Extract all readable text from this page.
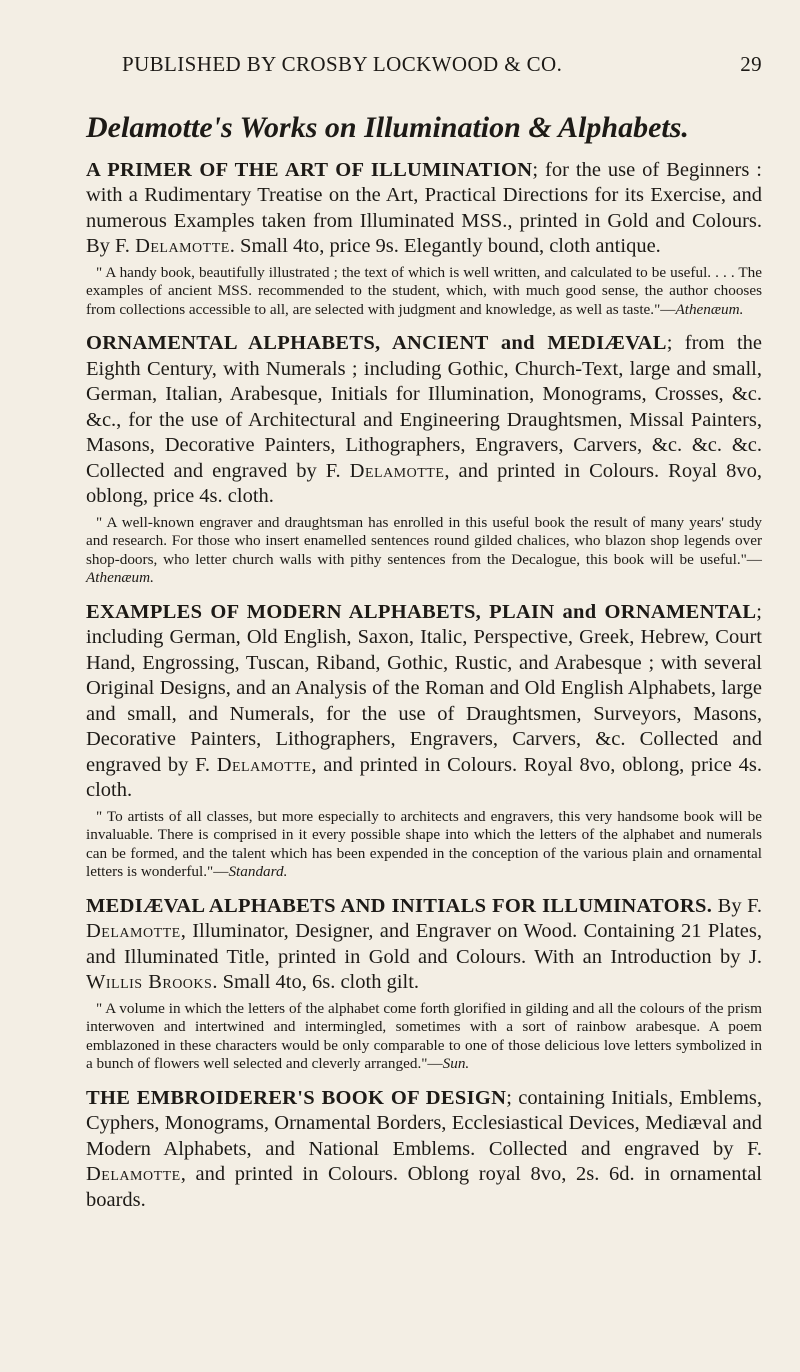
PUBLISHED BY CROSBY LOCKWOOD & CO.	29
Delamotte's Works on Illumination & Alphabets.

A PRIMER OF THE ART OF ILLUMINATION; for the use of Beginners : with a Rudimentary Treatise on the Art, Practical Directions for its Exercise, and numerous Examples taken from Illuminated MSS., printed in Gold and Colours. By F. Delamotte. Small 4to, price 9s. Elegantly bound, cloth antique.

" A handy book, beautifully illustrated ; the text of which is well written, and calculated to be useful. . . . The examples of ancient MSS. recommended to the student, which, with much good sense, the author chooses from collections accessible to all, are selected with judgment and knowledge, as well as taste."—Athenæum.

ORNAMENTAL ALPHABETS, ANCIENT and MEDIÆVAL; from the Eighth Century, with Numerals ; including Gothic, Church-Text, large and small, German, Italian, Arabesque, Initials for Illumination, Monograms, Crosses, &c. &c., for the use of Architectural and Engineering Draughtsmen, Missal Painters, Masons, Decorative Painters, Lithographers, Engravers, Carvers, &c. &c. &c. Collected and engraved by F. Delamotte, and printed in Colours. Royal 8vo, oblong, price 4s. cloth.

" A well-known engraver and draughtsman has enrolled in this useful book the result of many years' study and research. For those who insert enamelled sentences round gilded chalices, who blazon shop legends over shop-doors, who letter church walls with pithy sentences from the Decalogue, this book will be useful."—Athenæum.

EXAMPLES OF MODERN ALPHABETS, PLAIN and ORNAMENTAL; including German, Old English, Saxon, Italic, Perspective, Greek, Hebrew, Court Hand, Engrossing, Tuscan, Riband, Gothic, Rustic, and Arabesque ; with several Original Designs, and an Analysis of the Roman and Old English Alphabets, large and small, and Numerals, for the use of Draughtsmen, Surveyors, Masons, Decorative Painters, Lithographers, Engravers, Carvers, &c. Collected and engraved by F. Delamotte, and printed in Colours. Royal 8vo, oblong, price 4s. cloth.

" To artists of all classes, but more especially to architects and engravers, this very handsome book will be invaluable. There is comprised in it every possible shape into which the letters of the alphabet and numerals can be formed, and the talent which has been expended in the conception of the various plain and ornamental letters is wonderful."—Standard.

MEDIÆVAL ALPHABETS AND INITIALS FOR ILLUMINATORS. By F. Delamotte, Illuminator, Designer, and Engraver on Wood. Containing 21 Plates, and Illuminated Title, printed in Gold and Colours. With an Introduction by J. Willis Brooks. Small 4to, 6s. cloth gilt.

" A volume in which the letters of the alphabet come forth glorified in gilding and all the colours of the prism interwoven and intertwined and intermingled, sometimes with a sort of rainbow arabesque. A poem emblazoned in these characters would be only comparable to one of those delicious love letters symbolized in a bunch of flowers well selected and cleverly arranged."—Sun.

THE EMBROIDERER'S BOOK OF DESIGN; containing Initials, Emblems, Cyphers, Monograms, Ornamental Borders, Ecclesiastical Devices, Mediæval and Modern Alphabets, and National Emblems. Collected and engraved by F. Delamotte, and printed in Colours. Oblong royal 8vo, 2s. 6d. in ornamental boards.
